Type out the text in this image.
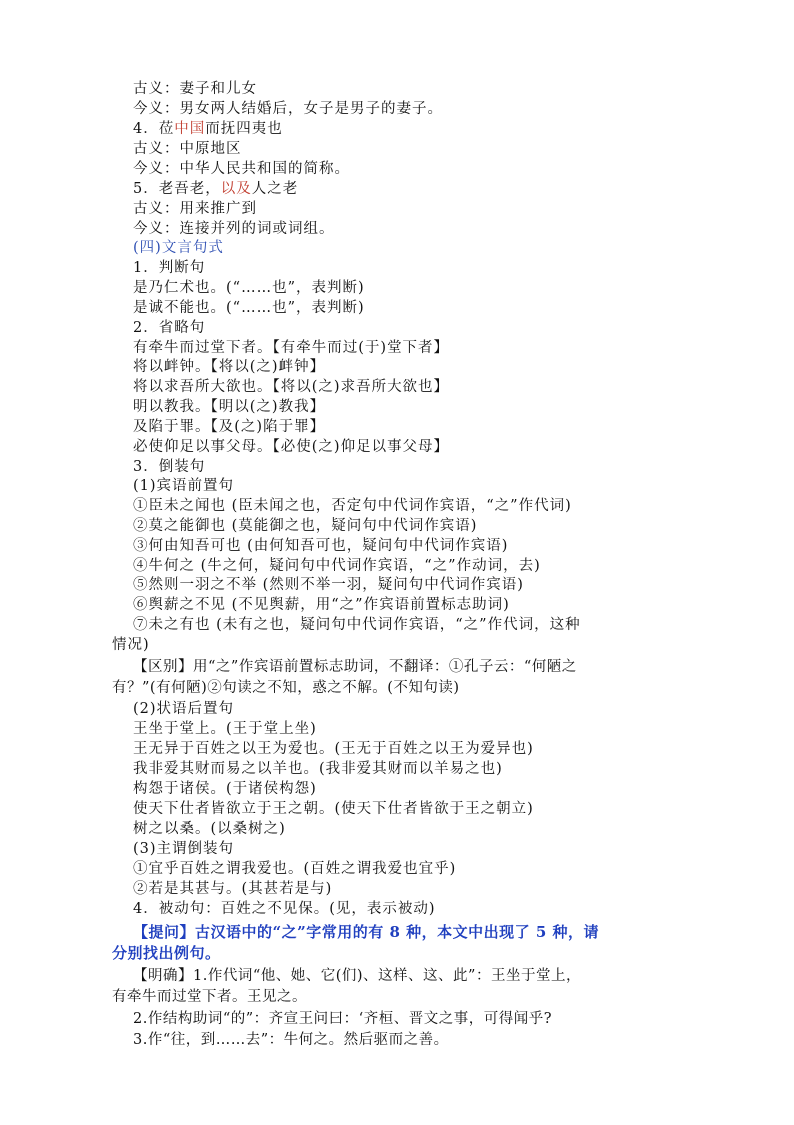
古义：妻子和儿女
今义：男女两人结婚后，女子是男子的妻子。
4．莅中国而抚四夷也
古义：中原地区
今义：中华人民共和国的简称。
5．老吾老，以及人之老
古义：用来推广到
今义：连接并列的词或词组。
(四)文言句式
1．判断句
是乃仁术也。(“……也”，表判断)
是诚不能也。(“……也”，表判断)
2．省略句
有牵牛而过堂下者。【有牵牛而过(于)堂下者】
将以衅钟。【将以(之)衅钟】
将以求吾所大欲也。【将以(之)求吾所大欲也】
明以教我。【明以(之)教我】
及陷于罪。【及(之)陷于罪】
必使仰足以事父母。【必使(之)仰足以事父母】
3．倒装句
(1)宾语前置句
①臣未之闻也 (臣未闻之也，否定句中代词作宾语，“之”作代词)
②莫之能御也 (莫能御之也，疑问句中代词作宾语)
③何由知吾可也 (由何知吾可也，疑问句中代词作宾语)
④牛何之 (牛之何，疑问句中代词作宾语，“之”作动词，去)
⑤然则一羽之不举 (然则不举一羽，疑问句中代词作宾语)
⑥舆薪之不见 (不见舆薪，用“之”作宾语前置标志助词)
⑦未之有也 (未有之也，疑问句中代词作宾语，“之”作代词，这种
情况)
【区别】用“之”作宾语前置标志助词，不翻译：①孔子云：“何陋之
有？”(有何陋)②句读之不知，惑之不解。(不知句读)
(2)状语后置句
王坐于堂上。(王于堂上坐)
王无异于百姓之以王为爱也。(王无于百姓之以王为爱异也)
我非爱其财而易之以羊也。(我非爱其财而以羊易之也)
构怨于诸侯。(于诸侯构怨)
使天下仕者皆欲立于王之朝。(使天下仕者皆欲于王之朝立)
树之以桑。(以桑树之)
(3)主谓倒装句
①宜乎百姓之谓我爱也。(百姓之谓我爱也宜乎)
②若是其甚与。(其甚若是与)
4．被动句：百姓之不见保。(见，表示被动)
【提问】古汉语中的“之”字常用的有 8 种，本文中出现了 5 种，请
分别找出例句。
【明确】1.作代词“他、她、它(们)、这样、这、此”：王坐于堂上，
有牵牛而过堂下者。王见之。
2.作结构助词“的”：齐宣王问曰：‘齐桓、晋文之事，可得闻乎?
3.作“往，到……去”：牛何之。然后驱而之善。
